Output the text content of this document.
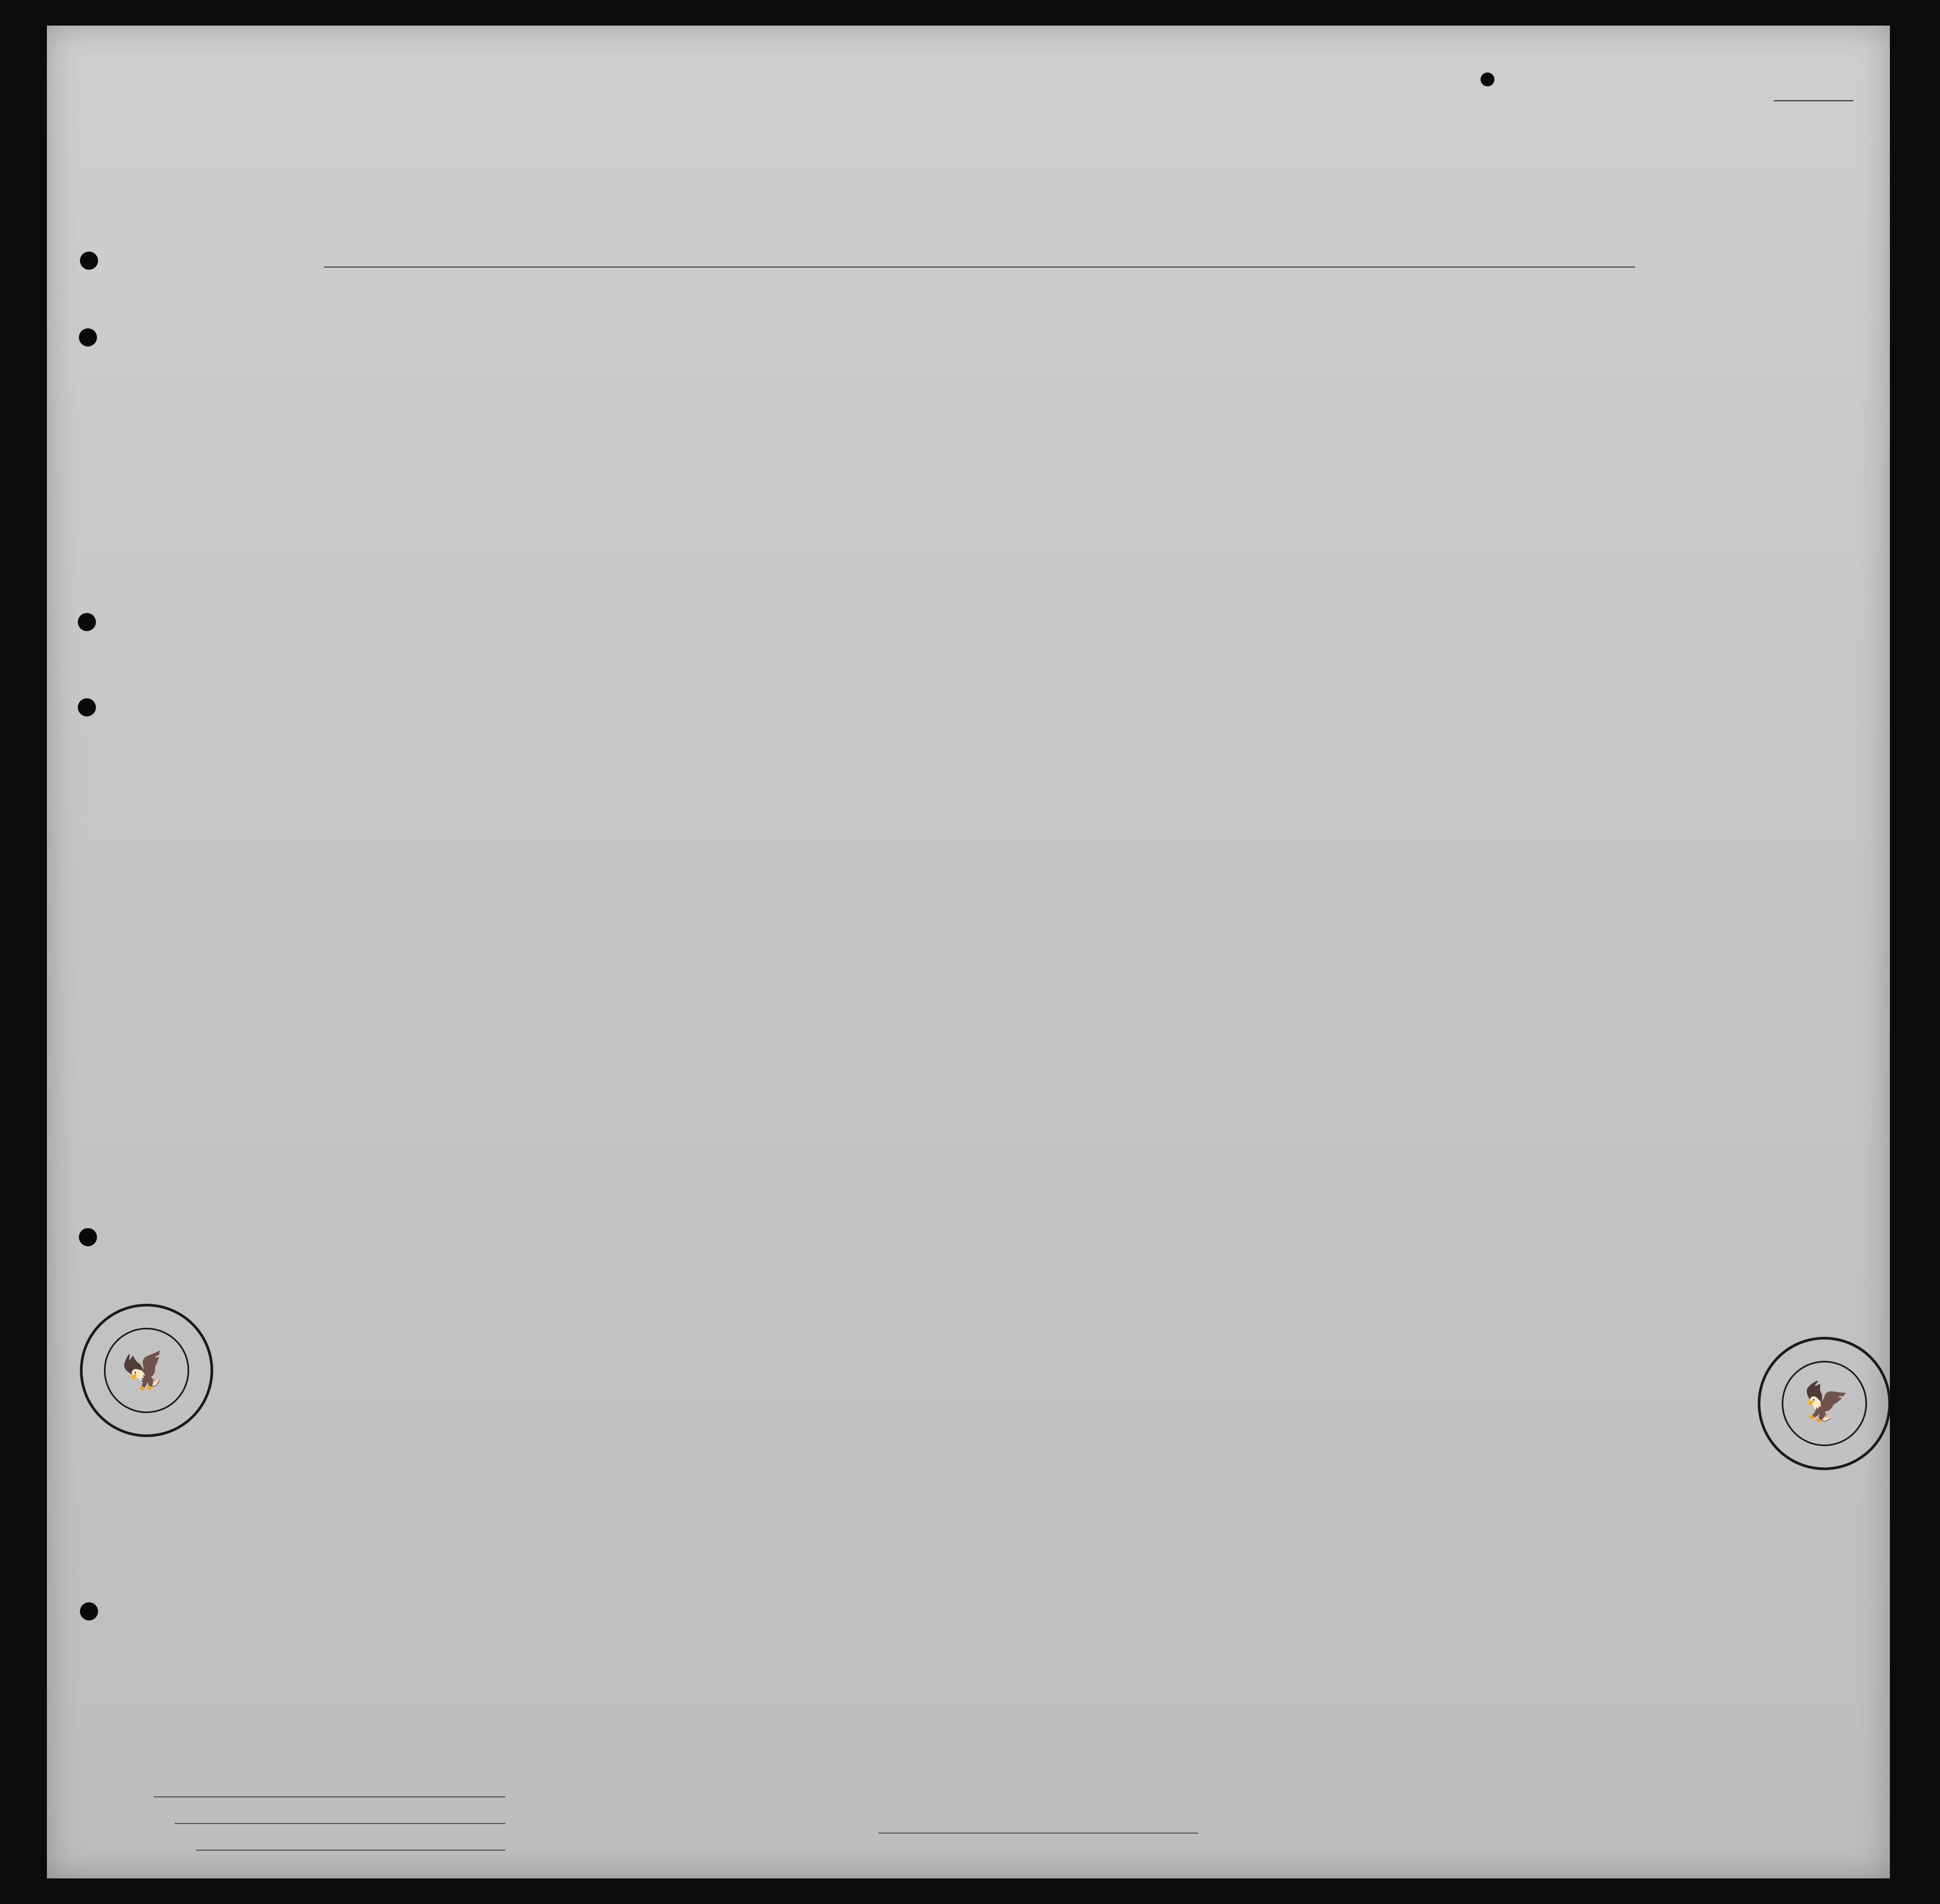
🦅
🦅
